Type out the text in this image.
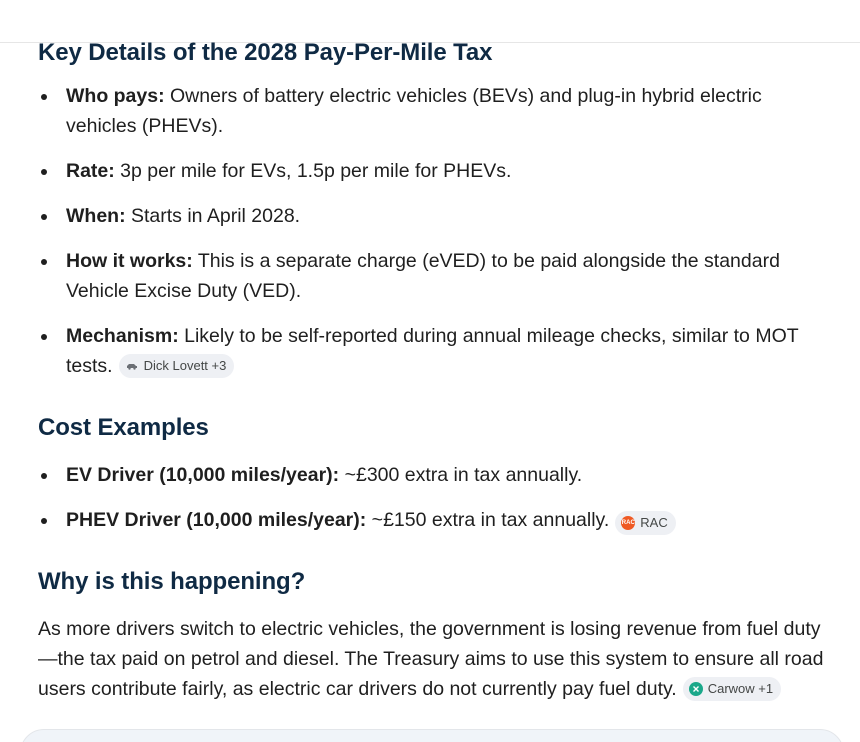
Key Details of the 2028 Pay-Per-Mile Tax
Who pays: Owners of battery electric vehicles (BEVs) and plug-in hybrid electric vehicles (PHEVs).
Rate: 3p per mile for EVs, 1.5p per mile for PHEVs.
When: Starts in April 2028.
How it works: This is a separate charge (eVED) to be paid alongside the standard Vehicle Excise Duty (VED).
Mechanism: Likely to be self-reported during annual mileage checks, similar to MOT tests. Dick Lovett +3
Cost Examples
EV Driver (10,000 miles/year): ~£300 extra in tax annually.
PHEV Driver (10,000 miles/year): ~£150 extra in tax annually. RAC RAC
Why is this happening?

As more drivers switch to electric vehicles, the government is losing revenue from fuel duty—the tax paid on petrol and diesel. The Treasury aims to use this system to ensure all road users contribute fairly, as electric car drivers do not currently pay fuel duty. Carwow +1
